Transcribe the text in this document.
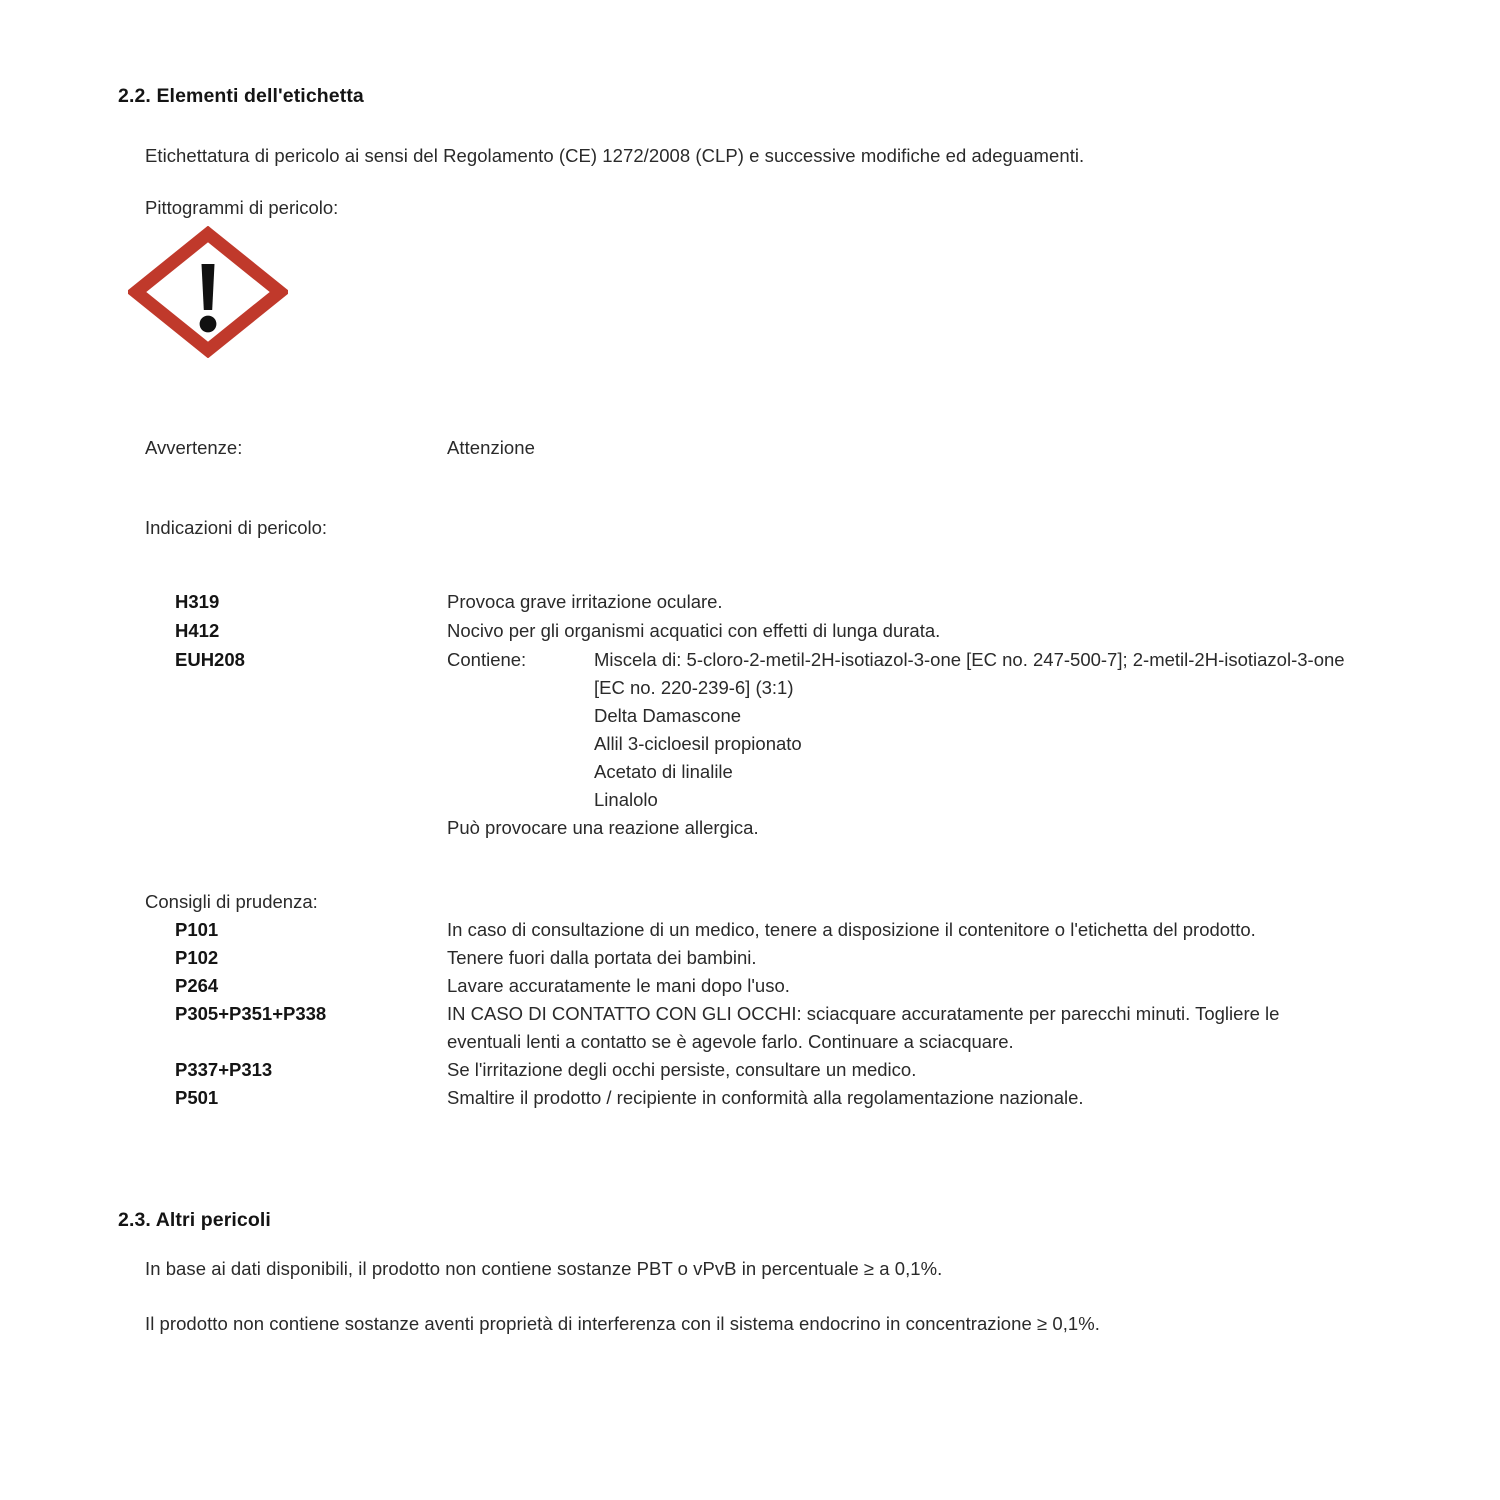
2.2. Elementi dell'etichetta
Etichettatura di pericolo ai sensi del Regolamento (CE) 1272/2008 (CLP) e successive modifiche ed adeguamenti.
Pittogrammi di pericolo:
Avvertenze:	Attenzione
Indicazioni di pericolo:
H319	Provoca grave irritazione oculare.
H412	Nocivo per gli organismi acquatici con effetti di lunga durata.
EUH208	Contiene:	Miscela di: 5-cloro-2-metil-2H-isotiazol-3-one [EC no. 247-500-7]; 2-metil-2H-isotiazol-3-one
[EC no. 220-239-6] (3:1)
Delta Damascone
Allil 3-cicloesil propionato
Acetato di linalile
Linalolo
Può provocare una reazione allergica.
Consigli di prudenza:
P101	In caso di consultazione di un medico, tenere a disposizione il contenitore o l'etichetta del prodotto.
P102	Tenere fuori dalla portata dei bambini.
P264	Lavare accuratamente le mani dopo l'uso.
P305+P351+P338	IN CASO DI CONTATTO CON GLI OCCHI: sciacquare accuratamente per parecchi minuti. Togliere le
eventuali lenti a contatto se è agevole farlo. Continuare a sciacquare.
P337+P313	Se l'irritazione degli occhi persiste, consultare un medico.
P501	Smaltire il prodotto / recipiente in conformità alla regolamentazione nazionale.
2.3. Altri pericoli
In base ai dati disponibili, il prodotto non contiene sostanze PBT o vPvB in percentuale ≥ a 0,1%.
Il prodotto non contiene sostanze aventi proprietà di interferenza con il sistema endocrino in concentrazione ≥ 0,1%.
